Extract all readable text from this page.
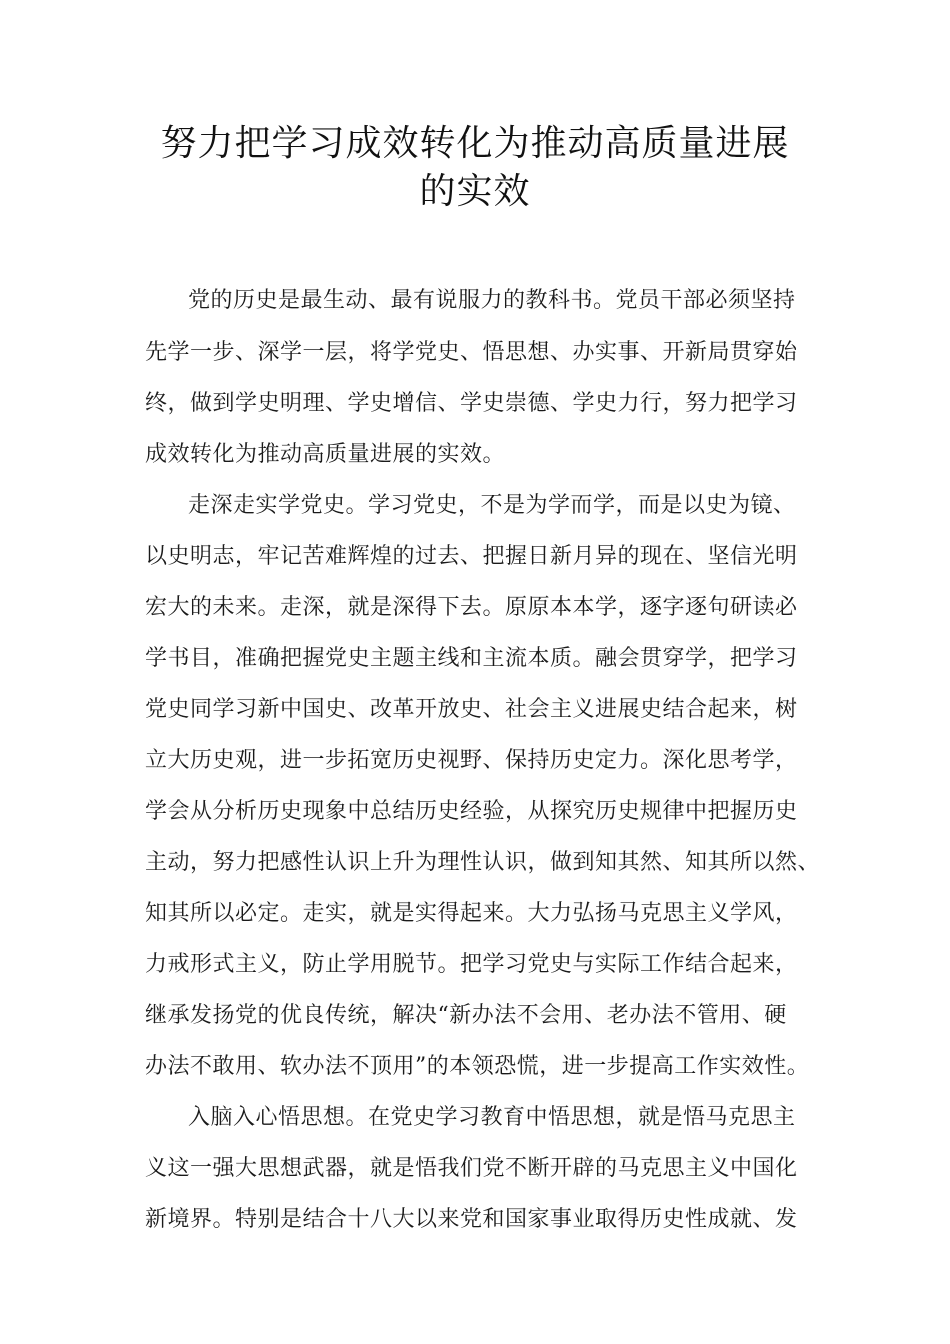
努力把学习成效转化为推动高质量进展
的实效
党的历史是最生动、最有说服力的教科书。党员干部必须坚持
先学一步、深学一层，将学党史、悟思想、办实事、开新局贯穿始
终，做到学史明理、学史增信、学史崇德、学史力行，努力把学习
成效转化为推动高质量进展的实效。
走深走实学党史。学习党史，不是为学而学，而是以史为镜、
以史明志，牢记苦难辉煌的过去、把握日新月异的现在、坚信光明
宏大的未来。走深，就是深得下去。原原本本学，逐字逐句研读必
学书目，准确把握党史主题主线和主流本质。融会贯穿学，把学习
党史同学习新中国史、改革开放史、社会主义进展史结合起来，树
立大历史观，进一步拓宽历史视野、保持历史定力。深化思考学，
学会从分析历史现象中总结历史经验，从探究历史规律中把握历史
主动，努力把感性认识上升为理性认识，做到知其然、知其所以然、
知其所以必定。走实，就是实得起来。大力弘扬马克思主义学风，
力戒形式主义，防止学用脱节。把学习党史与实际工作结合起来，
继承发扬党的优良传统，解决“新办法不会用、老办法不管用、硬
办法不敢用、软办法不顶用”的本领恐慌，进一步提高工作实效性。
入脑入心悟思想。在党史学习教育中悟思想，就是悟马克思主
义这一强大思想武器，就是悟我们党不断开辟的马克思主义中国化
新境界。特别是结合十八大以来党和国家事业取得历史性成就、发
